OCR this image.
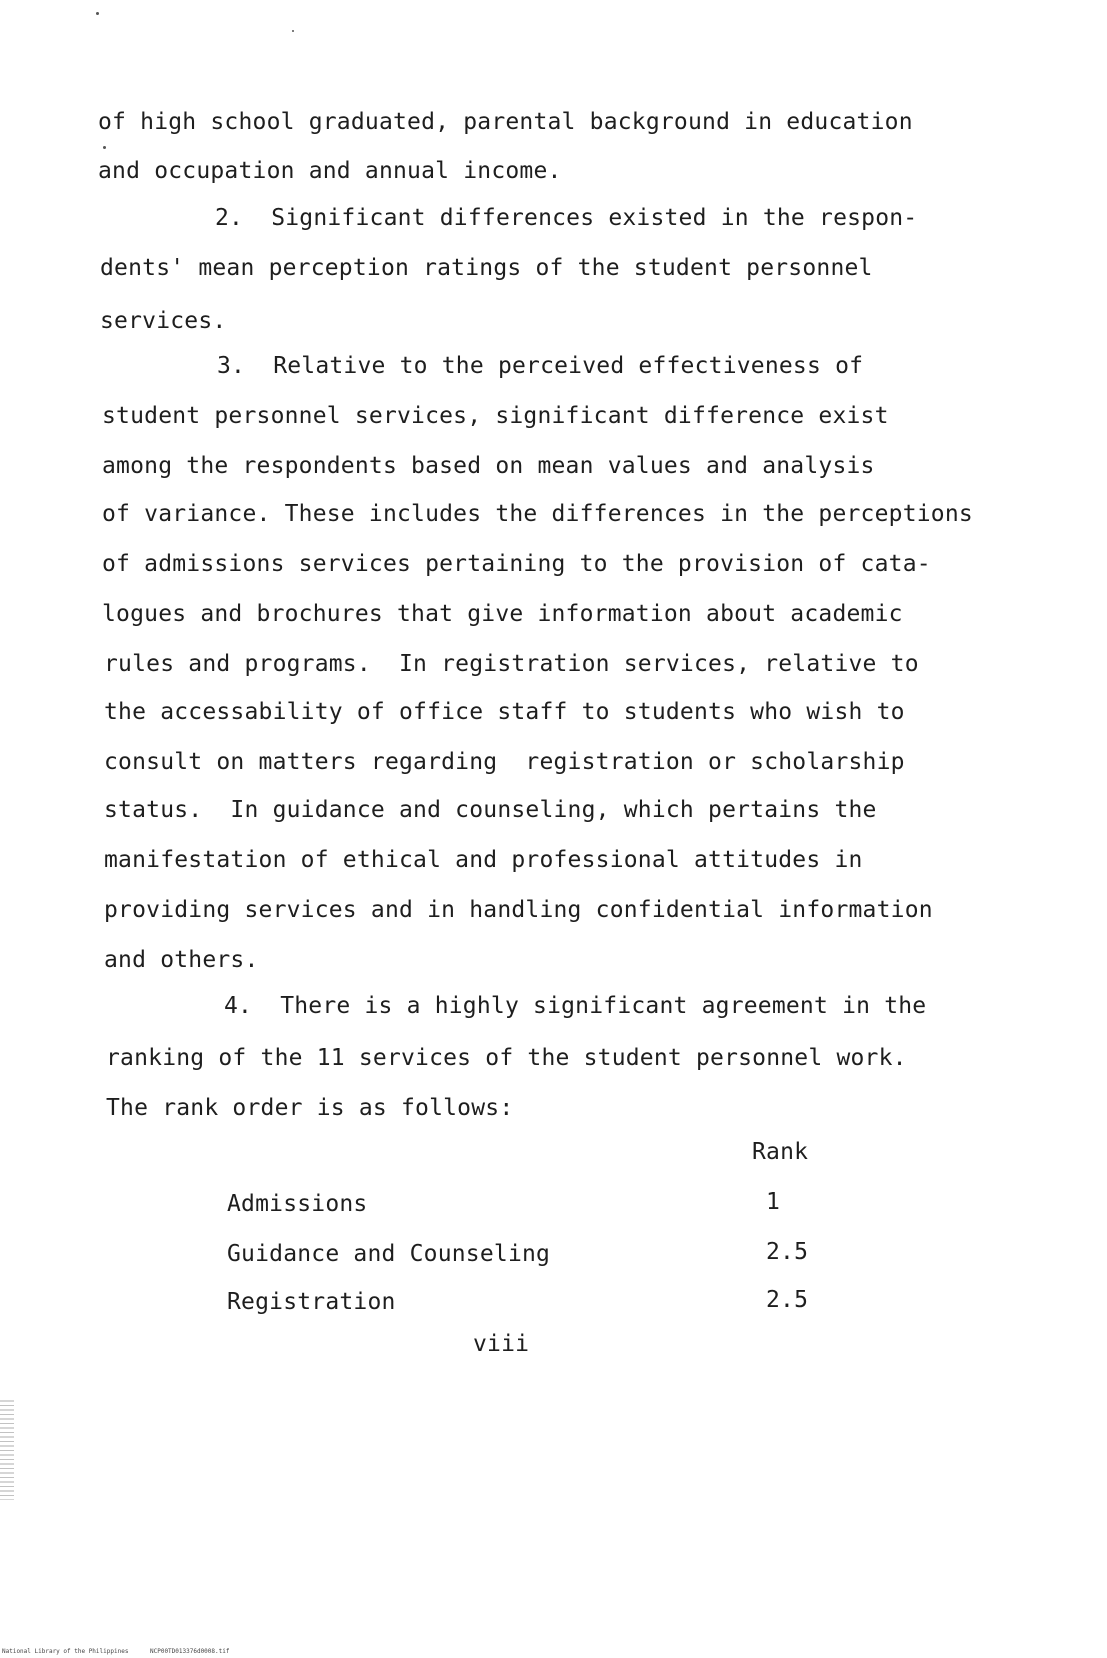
of high school graduated, parental background in education
and occupation and annual income.
2.  Significant differences existed in the respon-
dents' mean perception ratings of the student personnel
services.
3.  Relative to the perceived effectiveness of
student personnel services, significant difference exist
among the respondents based on mean values and analysis
of variance. These includes the differences in the perceptions
of admissions services pertaining to the provision of cata-
logues and brochures that give information about academic
rules and programs.  In registration services, relative to
the accessability of office staff to students who wish to
consult on matters regarding  registration or scholarship
status.  In guidance and counseling, which pertains the
manifestation of ethical and professional attitudes in
providing services and in handling confidential information
and others.
4.  There is a highly significant agreement in the
ranking of the 11 services of the student personnel work.
The rank order is as follows:
Rank
Admissions	1
Guidance and Counseling	2.5
Registration	2.5
viii
National Library of the Philippines	NCP00TD013376d0008.tif
